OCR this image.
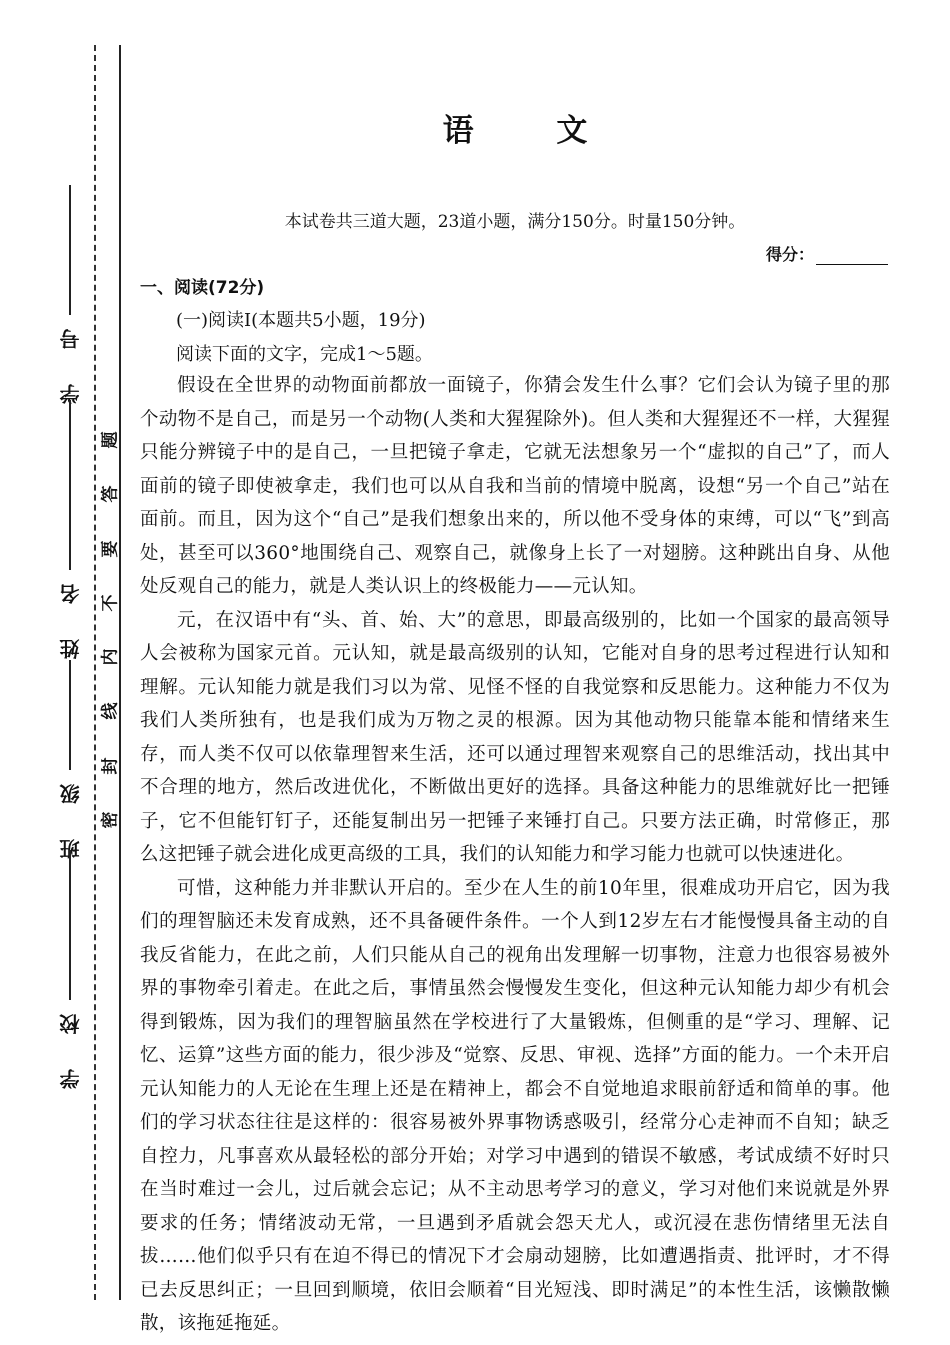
学 号
姓 名
班 级
学 校
题
答
要
不
内
线
封
密
语 文
本试卷共三道大题，23道小题，满分150分。时量150分钟。
得分：
一、阅读(72分)
(一)阅读Ⅰ(本题共5小题，19分)
阅读下面的文字，完成1～5题。

假设在全世界的动物面前都放一面镜子，你猜会发生什么事？它们会认为镜子里的那个动物不是自己，而是另一个动物(人类和大猩猩除外)。但人类和大猩猩还不一样，大猩猩只能分辨镜子中的是自己，一旦把镜子拿走，它就无法想象另一个“虚拟的自己”了，而人面前的镜子即使被拿走，我们也可以从自我和当前的情境中脱离，设想“另一个自己”站在面前。而且，因为这个“自己”是我们想象出来的，所以他不受身体的束缚，可以“飞”到高处，甚至可以360°地围绕自己、观察自己，就像身上长了一对翅膀。这种跳出自身、从他处反观自己的能力，就是人类认识上的终极能力——元认知。

元，在汉语中有“头、首、始、大”的意思，即最高级别的，比如一个国家的最高领导人会被称为国家元首。元认知，就是最高级别的认知，它能对自身的思考过程进行认知和理解。元认知能力就是我们习以为常、见怪不怪的自我觉察和反思能力。这种能力不仅为我们人类所独有，也是我们成为万物之灵的根源。因为其他动物只能靠本能和情绪来生存，而人类不仅可以依靠理智来生活，还可以通过理智来观察自己的思维活动，找出其中不合理的地方，然后改进优化，不断做出更好的选择。具备这种能力的思维就好比一把锤子，它不但能钉钉子，还能复制出另一把锤子来锤打自己。只要方法正确，时常修正，那么这把锤子就会进化成更高级的工具，我们的认知能力和学习能力也就可以快速进化。

可惜，这种能力并非默认开启的。至少在人生的前10年里，很难成功开启它，因为我们的理智脑还未发育成熟，还不具备硬件条件。一个人到12岁左右才能慢慢具备主动的自我反省能力，在此之前，人们只能从自己的视角出发理解一切事物，注意力也很容易被外界的事物牵引着走。在此之后，事情虽然会慢慢发生变化，但这种元认知能力却少有机会得到锻炼，因为我们的理智脑虽然在学校进行了大量锻炼，但侧重的是“学习、理解、记忆、运算”这些方面的能力，很少涉及“觉察、反思、审视、选择”方面的能力。一个未开启元认知能力的人无论在生理上还是在精神上，都会不自觉地追求眼前舒适和简单的事。他们的学习状态往往是这样的：很容易被外界事物诱惑吸引，经常分心走神而不自知；缺乏自控力，凡事喜欢从最轻松的部分开始；对学习中遇到的错误不敏感，考试成绩不好时只在当时难过一会儿，过后就会忘记；从不主动思考学习的意义，学习对他们来说就是外界要求的任务；情绪波动无常，一旦遇到矛盾就会怨天尤人，或沉浸在悲伤情绪里无法自拔……他们似乎只有在迫不得已的情况下才会扇动翅膀，比如遭遇指责、批评时，才不得已去反思纠正；一旦回到顺境，依旧会顺着“目光短浅、即时满足”的本性生活，该懒散懒散，该拖延拖延。
